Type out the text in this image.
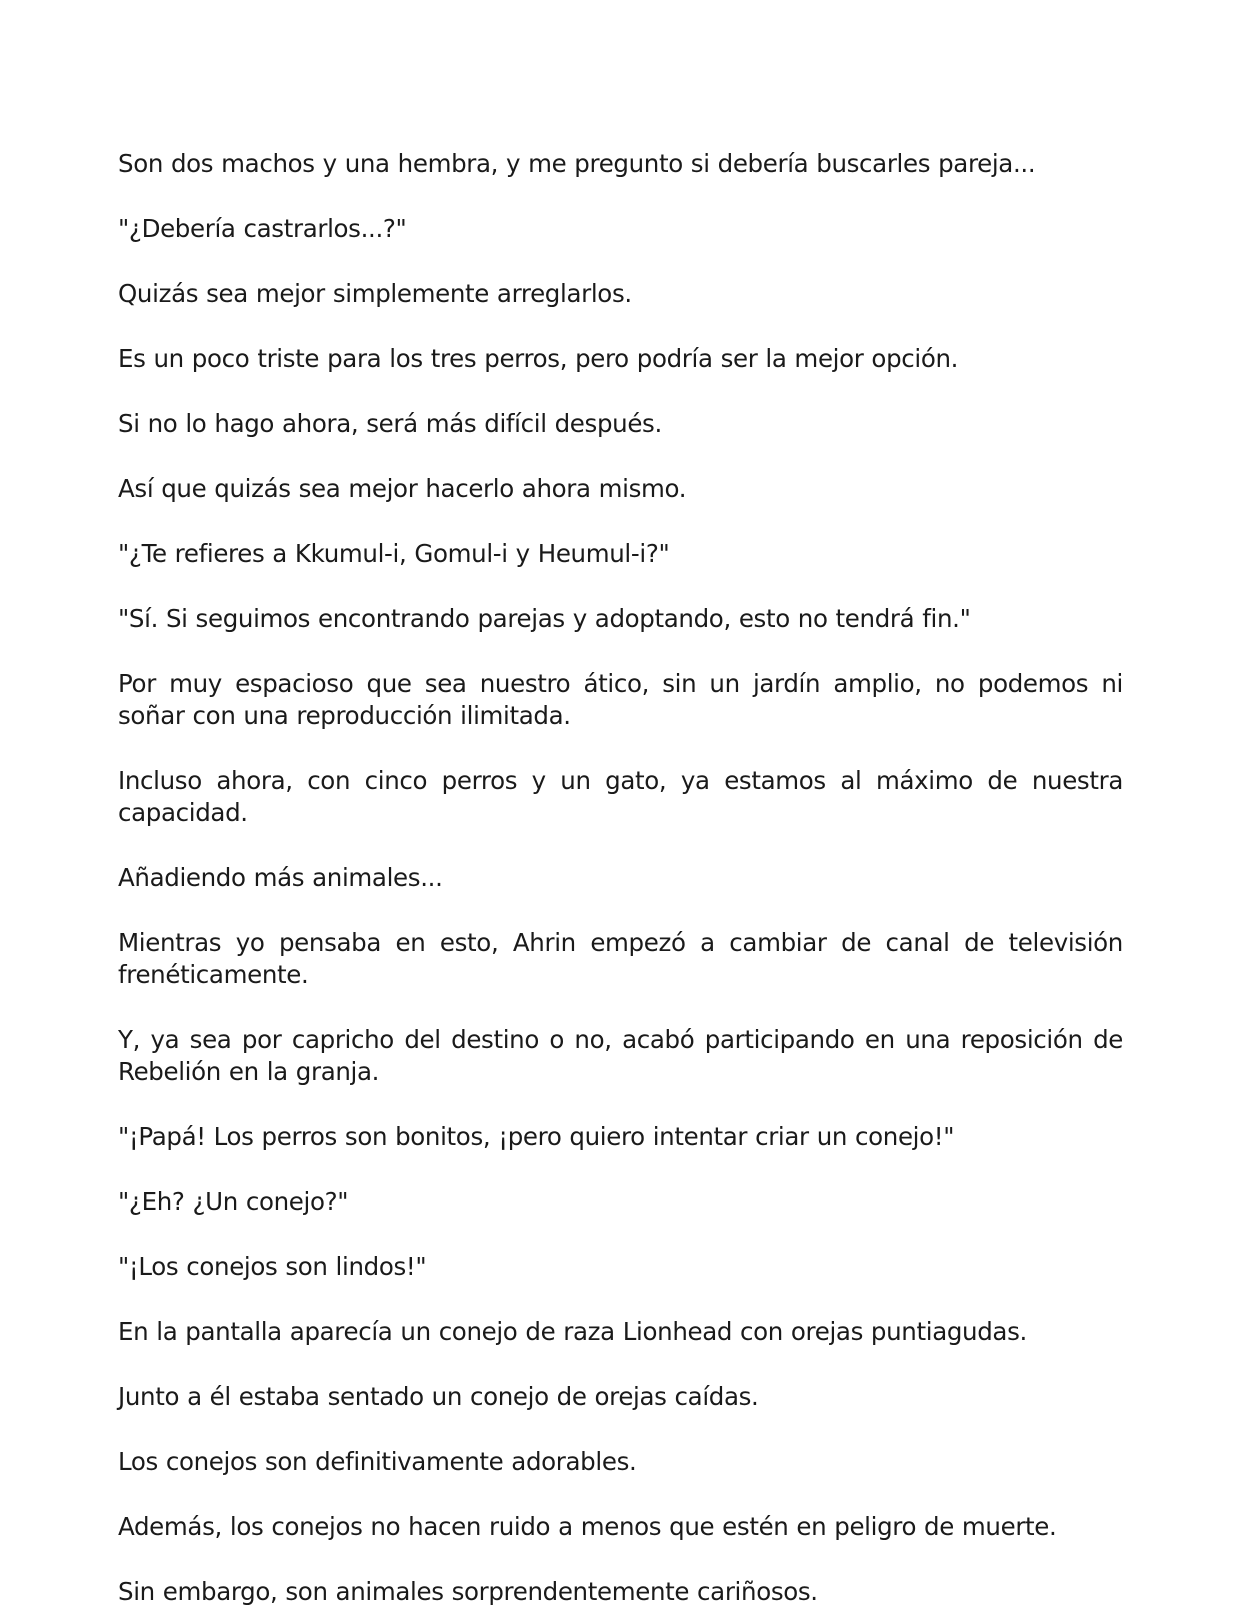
Son dos machos y una hembra, y me pregunto si debería buscarles pareja...

"¿Debería castrarlos...?"

Quizás sea mejor simplemente arreglarlos.

Es un poco triste para los tres perros, pero podría ser la mejor opción.

Si no lo hago ahora, será más difícil después.

Así que quizás sea mejor hacerlo ahora mismo.

"¿Te refieres a Kkumul-i, Gomul-i y Heumul-i?"

"Sí. Si seguimos encontrando parejas y adoptando, esto no tendrá fin."

Por muy espacioso que sea nuestro ático, sin un jardín amplio, no podemos ni soñar con una reproducción ilimitada.

Incluso ahora, con cinco perros y un gato, ya estamos al máximo de nuestra capacidad.

Añadiendo más animales...

Mientras yo pensaba en esto, Ahrin empezó a cambiar de canal de televisión frenéticamente.

Y, ya sea por capricho del destino o no, acabó participando en una reposición de Rebelión en la granja.

"¡Papá! Los perros son bonitos, ¡pero quiero intentar criar un conejo!"

"¿Eh? ¿Un conejo?"

"¡Los conejos son lindos!"

En la pantalla aparecía un conejo de raza Lionhead con orejas puntiagudas.

Junto a él estaba sentado un conejo de orejas caídas.

Los conejos son definitivamente adorables.

Además, los conejos no hacen ruido a menos que estén en peligro de muerte.

Sin embargo, son animales sorprendentemente cariñosos.
